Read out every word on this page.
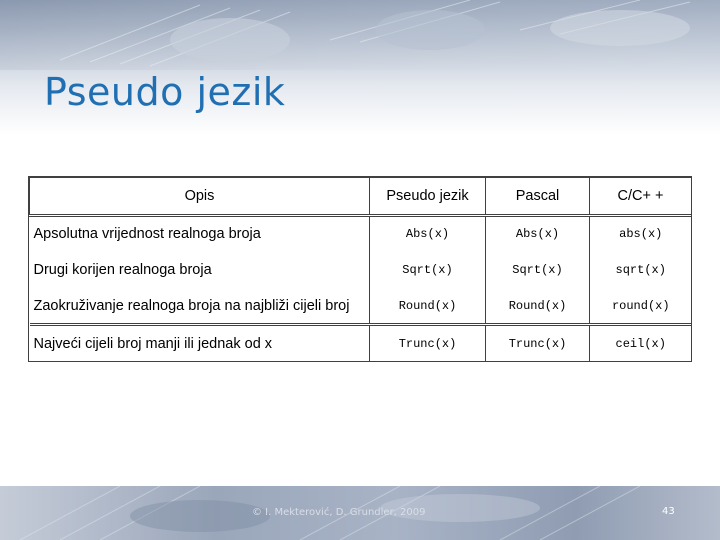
Pseudo jezik
Opis	Pseudo jezik	Pascal	C/C+ +
Apsolutna vrijednost realnoga broja	Abs(x)	Abs(x)	abs(x)
Drugi korijen realnoga broja	Sqrt(x)	Sqrt(x)	sqrt(x)
Zaokruživanje realnoga broja na najbliži cijeli broj	Round(x)	Round(x)	round(x)
Najveći cijeli broj manji ili jednak od x	Trunc(x)	Trunc(x)	ceil(x)
© I. Mekterović, D. Grundler, 2009	43
